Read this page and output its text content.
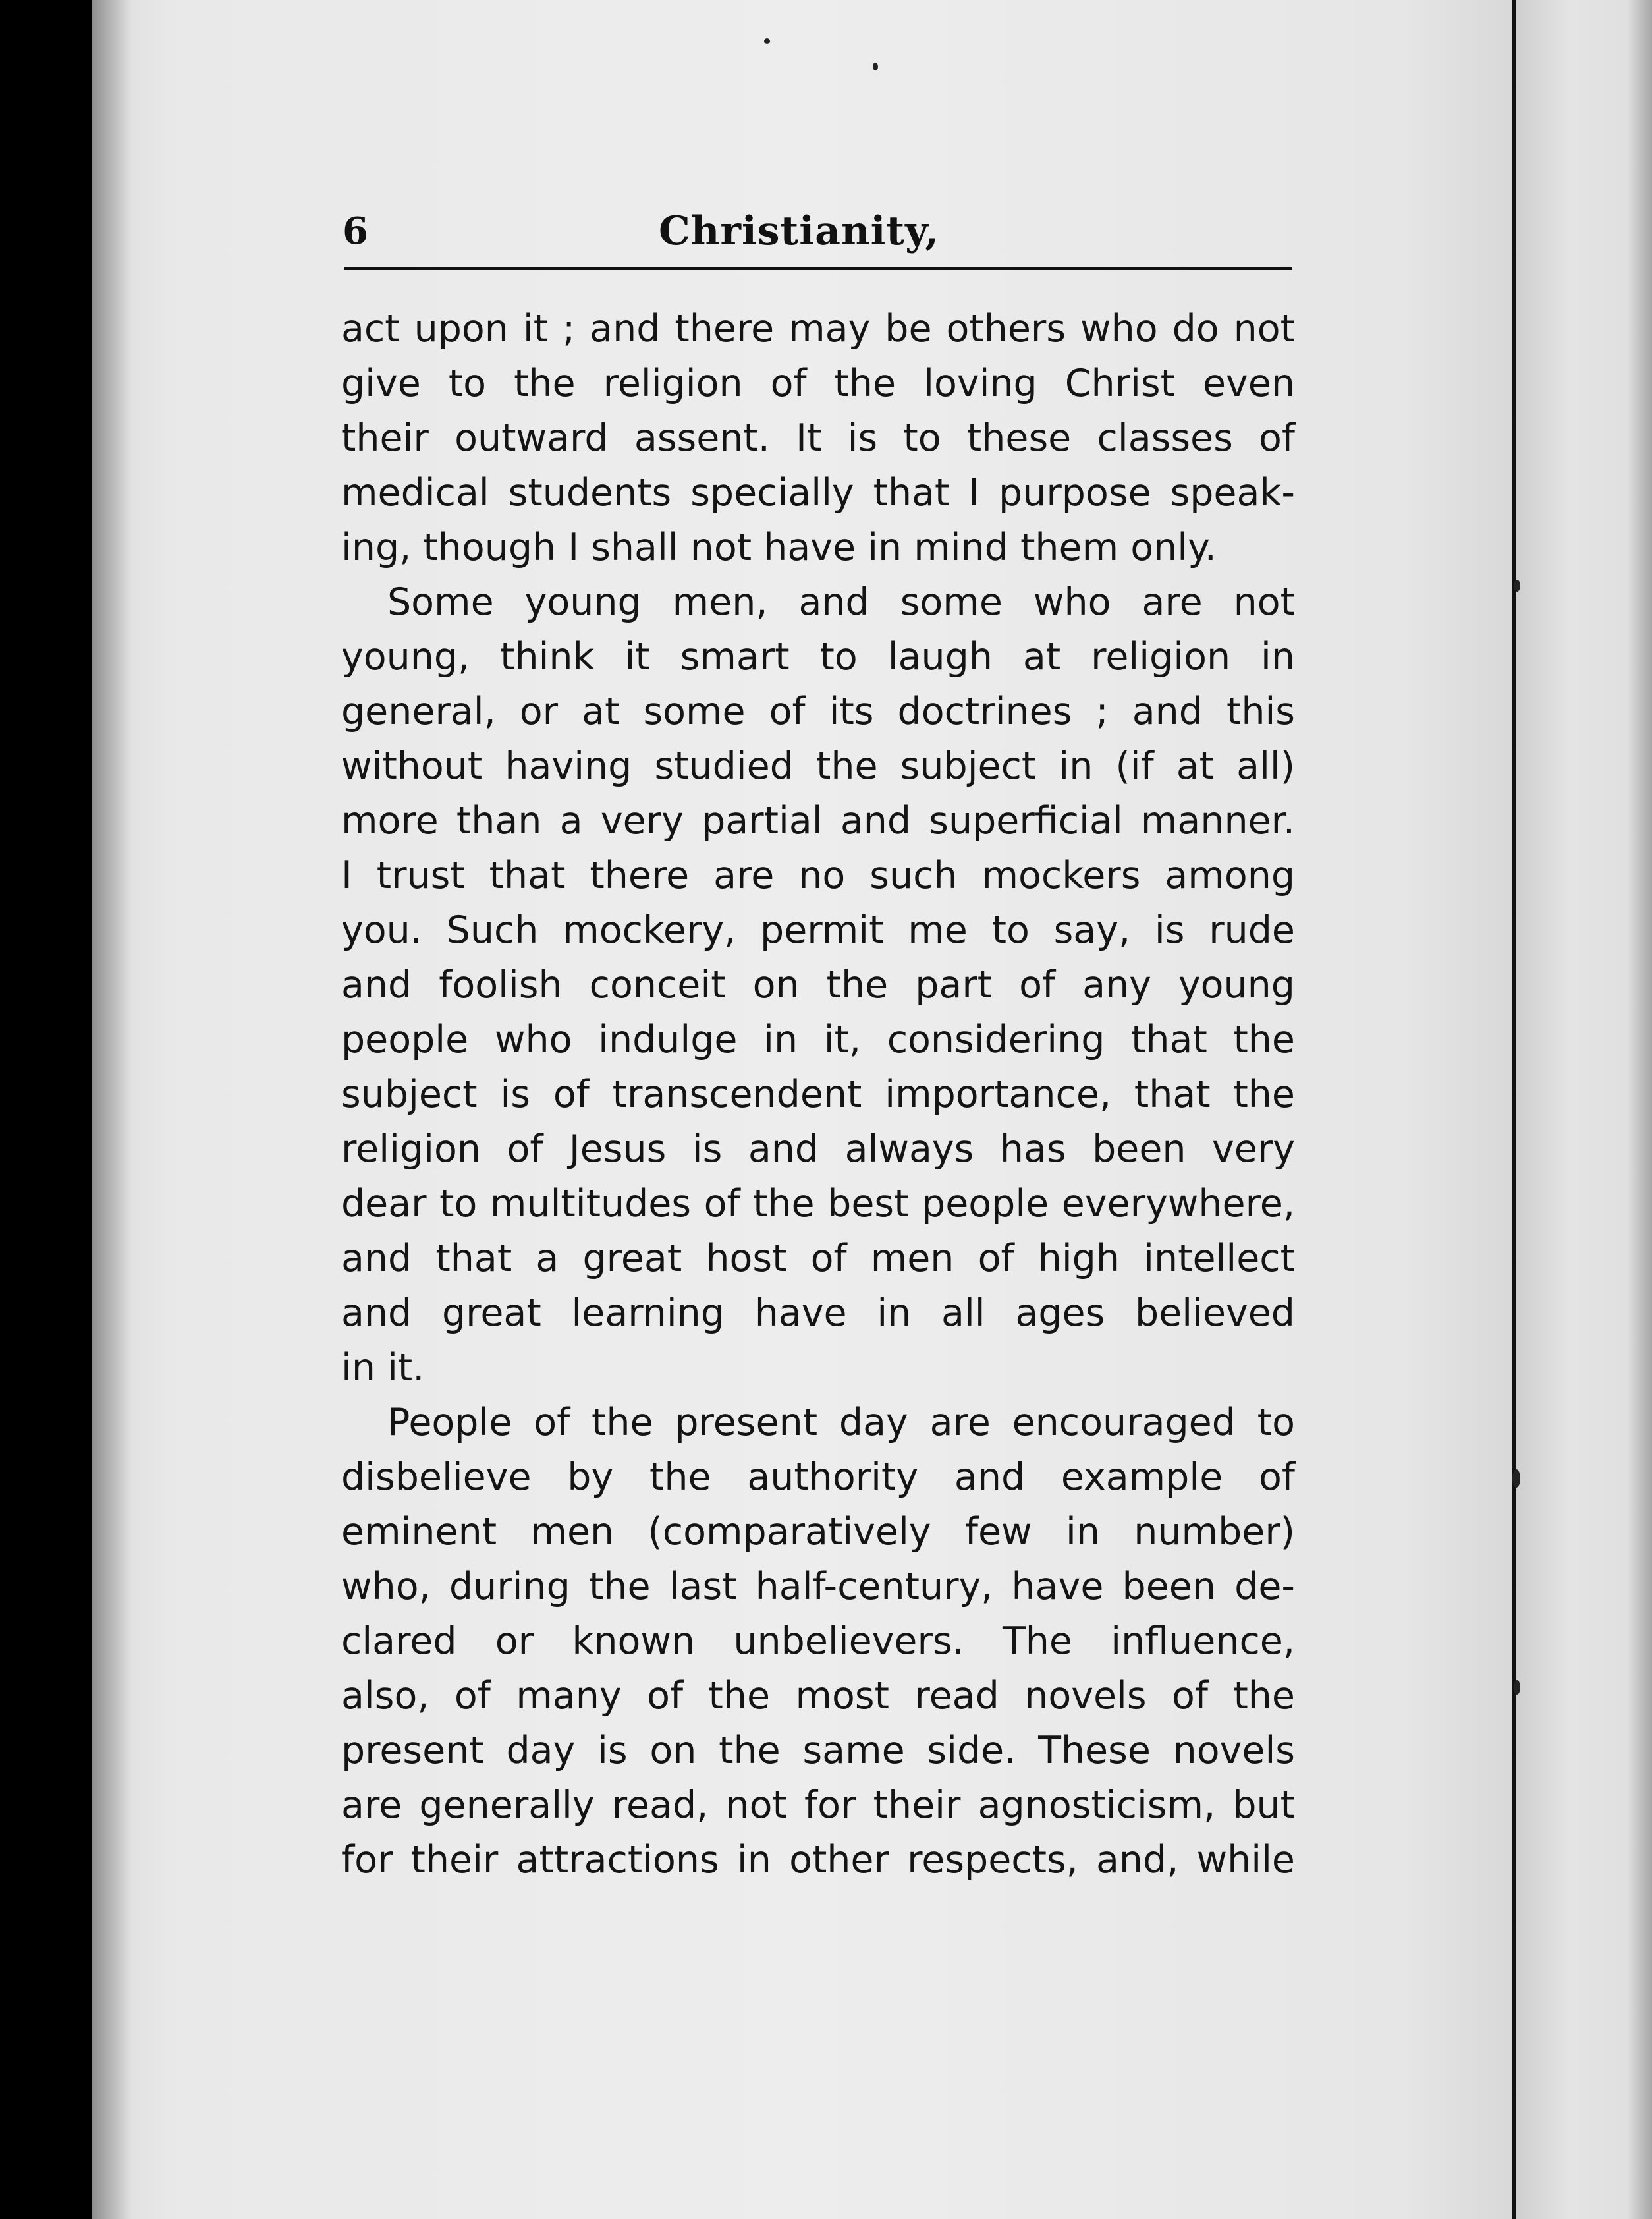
6	Christianity,
act upon it ; and there may be others who do not
give to the religion of the loving Christ even
their outward assent. It is to these classes of
medical students specially that I purpose speak-
ing, though I shall not have in mind them only.
Some young men, and some who are not
young, think it smart to laugh at religion in
general, or at some of its doctrines ; and this
without having studied the subject in (if at all)
more than a very partial and superficial manner.
I trust that there are no such mockers among
you. Such mockery, permit me to say, is rude
and foolish conceit on the part of any young
people who indulge in it, considering that the
subject is of transcendent importance, that the
religion of Jesus is and always has been very
dear to multitudes of the best people everywhere,
and that a great host of men of high intellect
and great learning have in all ages believed
in it.
People of the present day are encouraged to
disbelieve by the authority and example of
eminent men (comparatively few in number)
who, during the last half-century, have been de-
clared or known unbelievers. The influence,
also, of many of the most read novels of the
present day is on the same side. These novels
are generally read, not for their agnosticism, but
for their attractions in other respects, and, while
